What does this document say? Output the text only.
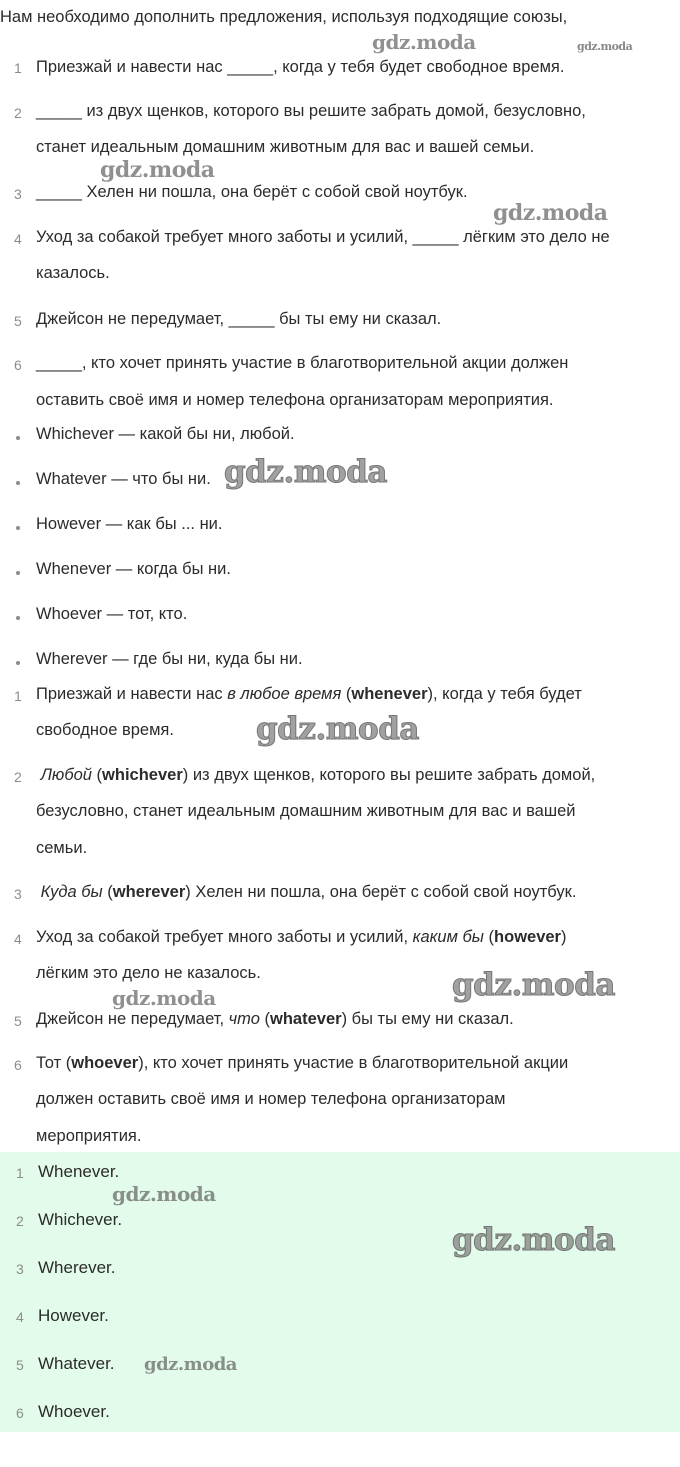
Нам необходимо дополнить предложения, используя подходящие союзы,
1 Приезжай и навести нас _____, когда у тебя будет свободное время.
2 _____ из двух щенков, которого вы решите забрать домой, безусловно,
станет идеальным домашним животным для вас и вашей семьи.
3 _____ Хелен ни пошла, она берёт с собой свой ноутбук.
4 Уход за собакой требует много заботы и усилий, _____ лёгким это дело не
казалось.
5 Джейсон не передумает, _____ бы ты ему ни сказал.
6 _____, кто хочет принять участие в благотворительной акции должен
оставить своё имя и номер телефона организаторам мероприятия.
Whichever — какой бы ни, любой.
Whatever — что бы ни.
However — как бы ... ни.
Whenever — когда бы ни.
Whoever — тот, кто.
Wherever — где бы ни, куда бы ни.
1 Приезжай и навести нас в любое время (whenever), когда у тебя будет
свободное время.
2 Любой (whichever) из двух щенков, которого вы решите забрать домой,
безусловно, станет идеальным домашним животным для вас и вашей
семьи.
3 Куда бы (wherever) Хелен ни пошла, она берёт с собой свой ноутбук.
4 Уход за собакой требует много заботы и усилий, каким бы (however)
лёгким это дело не казалось.
5 Джейсон не передумает, что (whatever) бы ты ему ни сказал.
6 Тот (whoever), кто хочет принять участие в благотворительной акции
должен оставить своё имя и номер телефона организаторам
мероприятия.
1 Whenever.
2 Whichever.
3 Wherever.
4 However.
5 Whatever.
6 Whoever.
gdz.moda	gdz.moda
gdz.moda
gdz.moda
gdz.moda
gdz.moda
gdz.moda
gdz.moda
gdz.moda
gdz.moda
gdz.moda
